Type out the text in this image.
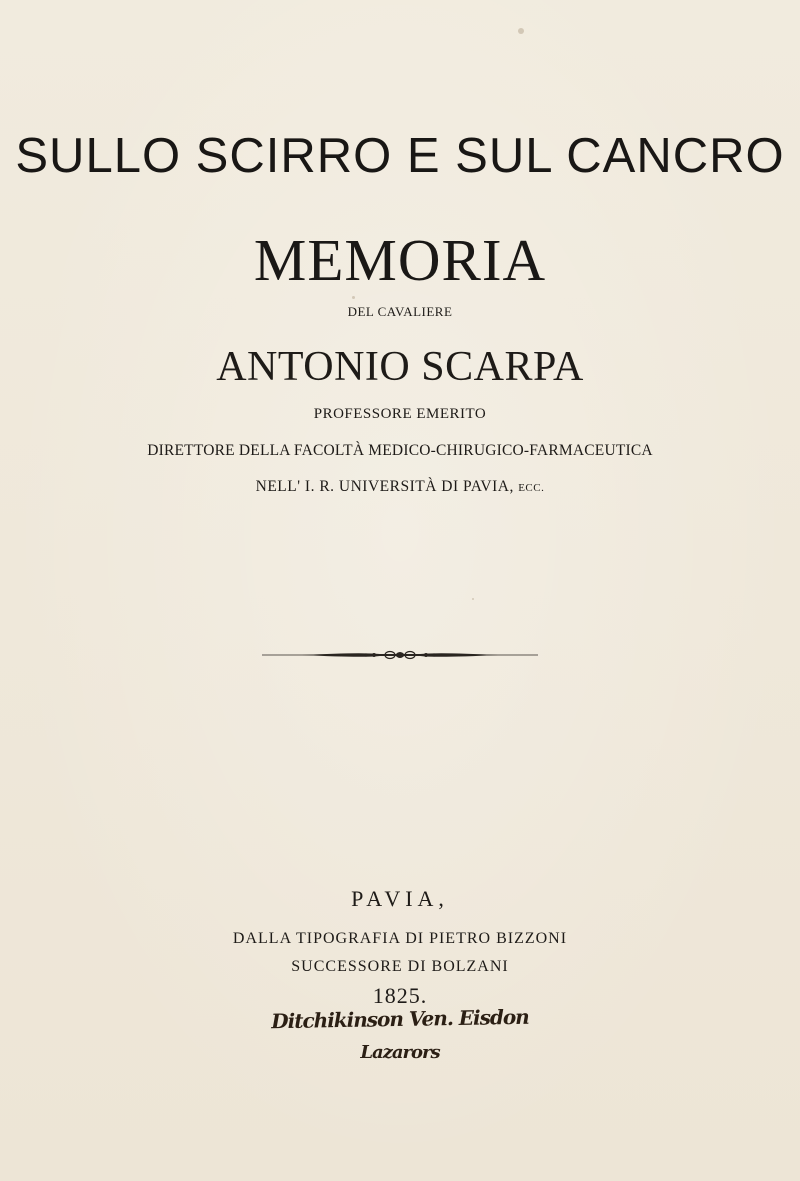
SULLO SCIRRO E SUL CANCRO
MEMORIA
DEL CAVALIERE
ANTONIO SCARPA
PROFESSORE EMERITO
DIRETTORE DELLA FACOLTÀ MEDICO-CHIRUGICO-FARMACEUTICA
NELL' I. R. UNIVERSITÀ DI PAVIA, ECC.
PAVIA,
DALLA TIPOGRAFIA DI PIETRO BIZZONI
SUCCESSORE DI BOLZANI
1825.
Ditchikinson Ven. Eisdon
Lazarors
